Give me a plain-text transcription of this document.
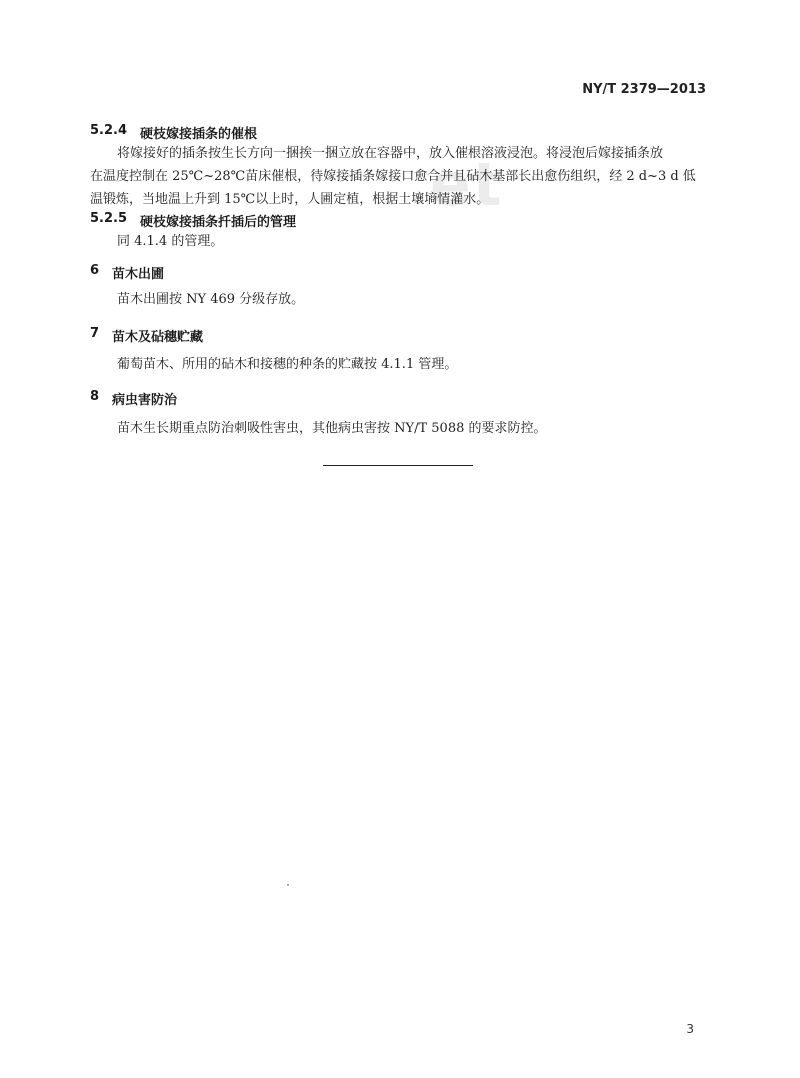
NY/T 2379—2013
et
5.2.4 硬枝嫁接插条的催根
将嫁接好的插条按生长方向一捆挨一捆立放在容器中，放入催根溶液浸泡。将浸泡后嫁接插条放
在温度控制在 25℃~28℃苗床催根，待嫁接插条嫁接口愈合并且砧木基部长出愈伤组织，经 2 d~3 d 低
温锻炼，当地温上升到 15℃以上时，人圃定植，根据土壤墒情灌水。
5.2.5 硬枝嫁接插条扦插后的管理
同 4.1.4 的管理。
6 苗木出圃
苗木出圃按 NY 469 分级存放。
7 苗木及砧穗贮藏
葡萄苗木、所用的砧木和接穗的种条的贮藏按 4.1.1 管理。
8 病虫害防治
苗木生长期重点防治刺吸性害虫，其他病虫害按 NY/T 5088 的要求防控。
3
